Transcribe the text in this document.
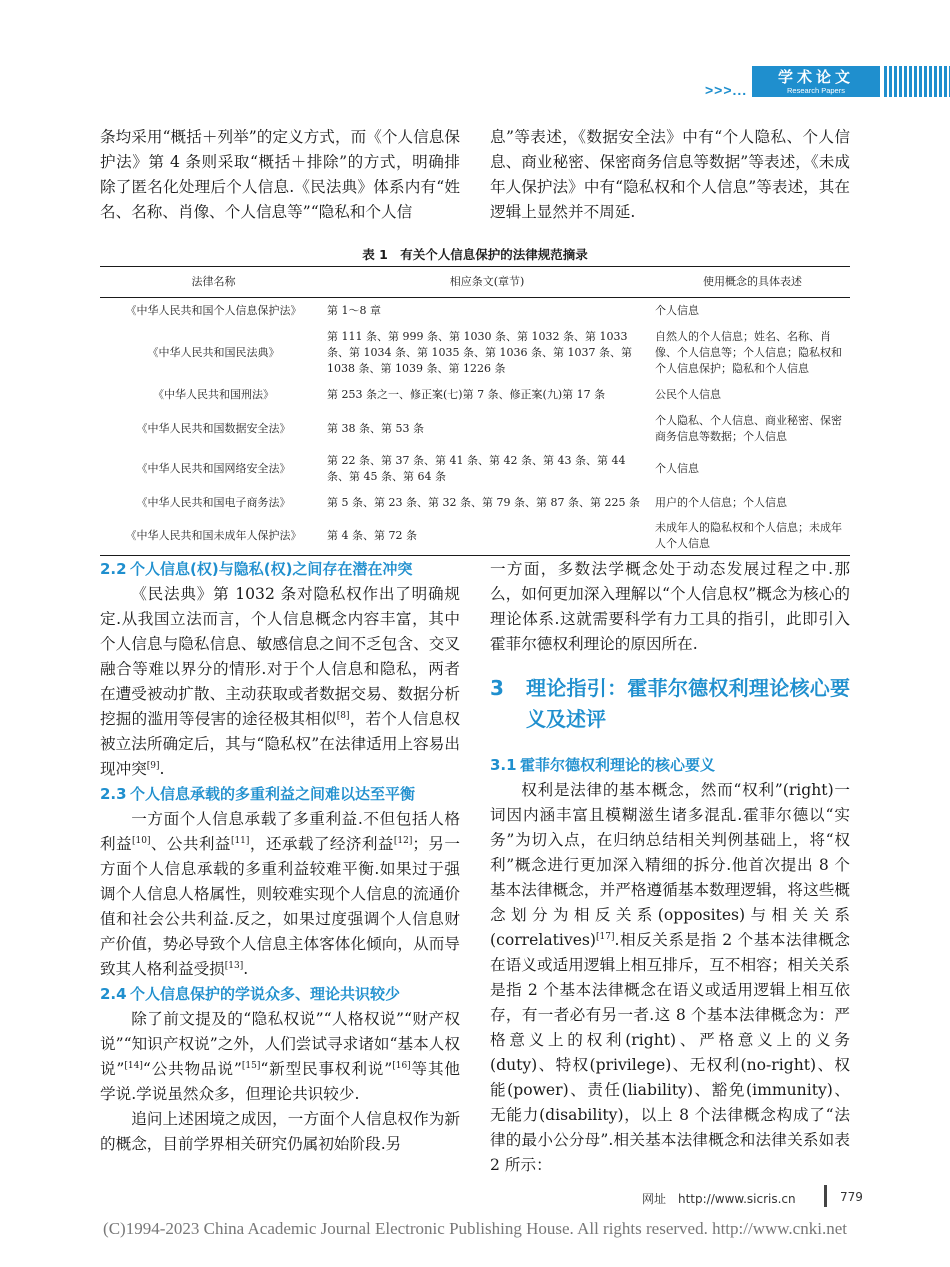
>>>...
学术论文
Research Papers

条均采用“概括＋列举”的定义方式，而《个人信息保护法》第 4 条则采取“概括＋排除”的方式，明确排除了匿名化处理后个人信息.《民法典》体系内有“姓名、名称、肖像、个人信息等”“隐私和个人信

息”等表述，《数据安全法》中有“个人隐私、个人信息、商业秘密、保密商务信息等数据”等表述，《未成年人保护法》中有“隐私权和个人信息”等表述，其在逻辑上显然并不周延.

表 1　有关个人信息保护的法律规范摘录
法律名称	相应条文(章节)	使用概念的具体表述
《中华人民共和国个人信息保护法》	第 1～8 章	个人信息
《中华人民共和国民法典》	第 111 条、第 999 条、第 1030 条、第 1032 条、第 1033 条、第 1034 条、第 1035 条、第 1036 条、第 1037 条、第 1038 条、第 1039 条、第 1226 条	自然人的个人信息；姓名、名称、肖像、个人信息等；个人信息；隐私权和个人信息保护；隐私和个人信息
《中华人民共和国刑法》	第 253 条之一、修正案(七)第 7 条、修正案(九)第 17 条	公民个人信息
《中华人民共和国数据安全法》	第 38 条、第 53 条	个人隐私、个人信息、商业秘密、保密商务信息等数据；个人信息
《中华人民共和国网络安全法》	第 22 条、第 37 条、第 41 条、第 42 条、第 43 条、第 44 条、第 45 条、第 64 条	个人信息
《中华人民共和国电子商务法》	第 5 条、第 23 条、第 32 条、第 79 条、第 87 条、第 225 条	用户的个人信息；个人信息
《中华人民共和国未成年人保护法》	第 4 条、第 72 条	未成年人的隐私权和个人信息；未成年人个人信息
2.2 个人信息(权)与隐私(权)之间存在潜在冲突

《民法典》第 1032 条对隐私权作出了明确规定.从我国立法而言，个人信息概念内容丰富，其中个人信息与隐私信息、敏感信息之间不乏包含、交叉融合等难以界分的情形.对于个人信息和隐私，两者在遭受被动扩散、主动获取或者数据交易、数据分析挖掘的滥用等侵害的途径极其相似[8]，若个人信息权被立法所确定后，其与“隐私权”在法律适用上容易出现冲突[9].

2.3 个人信息承载的多重利益之间难以达至平衡

一方面个人信息承载了多重利益.不但包括人格利益[10]、公共利益[11]，还承载了经济利益[12]；另一方面个人信息承载的多重利益较难平衡.如果过于强调个人信息人格属性，则较难实现个人信息的流通价值和社会公共利益.反之，如果过度强调个人信息财产价值，势必导致个人信息主体客体化倾向，从而导致其人格利益受损[13].

2.4 个人信息保护的学说众多、理论共识较少

除了前文提及的“隐私权说”“人格权说”“财产权说”“知识产权说”之外，人们尝试寻求诸如“基本人权说”[14]“公共物品说”[15]“新型民事权利说”[16]等其他学说.学说虽然众多，但理论共识较少.

追问上述困境之成因，一方面个人信息权作为新的概念，目前学界相关研究仍属初始阶段.另

一方面，多数法学概念处于动态发展过程之中.那么，如何更加深入理解以“个人信息权”概念为核心的理论体系.这就需要科学有力工具的指引，此即引入霍菲尔德权利理论的原因所在.

3	理论指引：霍菲尔德权利理论核心要义及述评
3.1 霍菲尔德权利理论的核心要义

权利是法律的基本概念，然而“权利”(right)一词因内涵丰富且模糊滋生诸多混乱.霍菲尔德以“实务”为切入点，在归纳总结相关判例基础上，将“权利”概念进行更加深入精细的拆分.他首次提出 8 个基本法律概念，并严格遵循基本数理逻辑，将这些概念划分为相反关系(opposites)与相关关系(correlatives)[17].相反关系是指 2 个基本法律概念在语义或适用逻辑上相互排斥，互不相容；相关关系是指 2 个基本法律概念在语义或适用逻辑上相互依存，有一者必有另一者.这 8 个基本法律概念为：严格意义上的权利(right)、严格意义上的义务(duty)、特权(privilege)、无权利(no-right)、权能(power)、责任(liability)、豁免(immunity)、无能力(disability)，以上 8 个法律概念构成了“法律的最小公分母”.相关基本法律概念和法律关系如表 2 所示：

网址　http://www.sicris.cn	779
(C)1994-2023 China Academic Journal Electronic Publishing House. All rights reserved. http://www.cnki.net
